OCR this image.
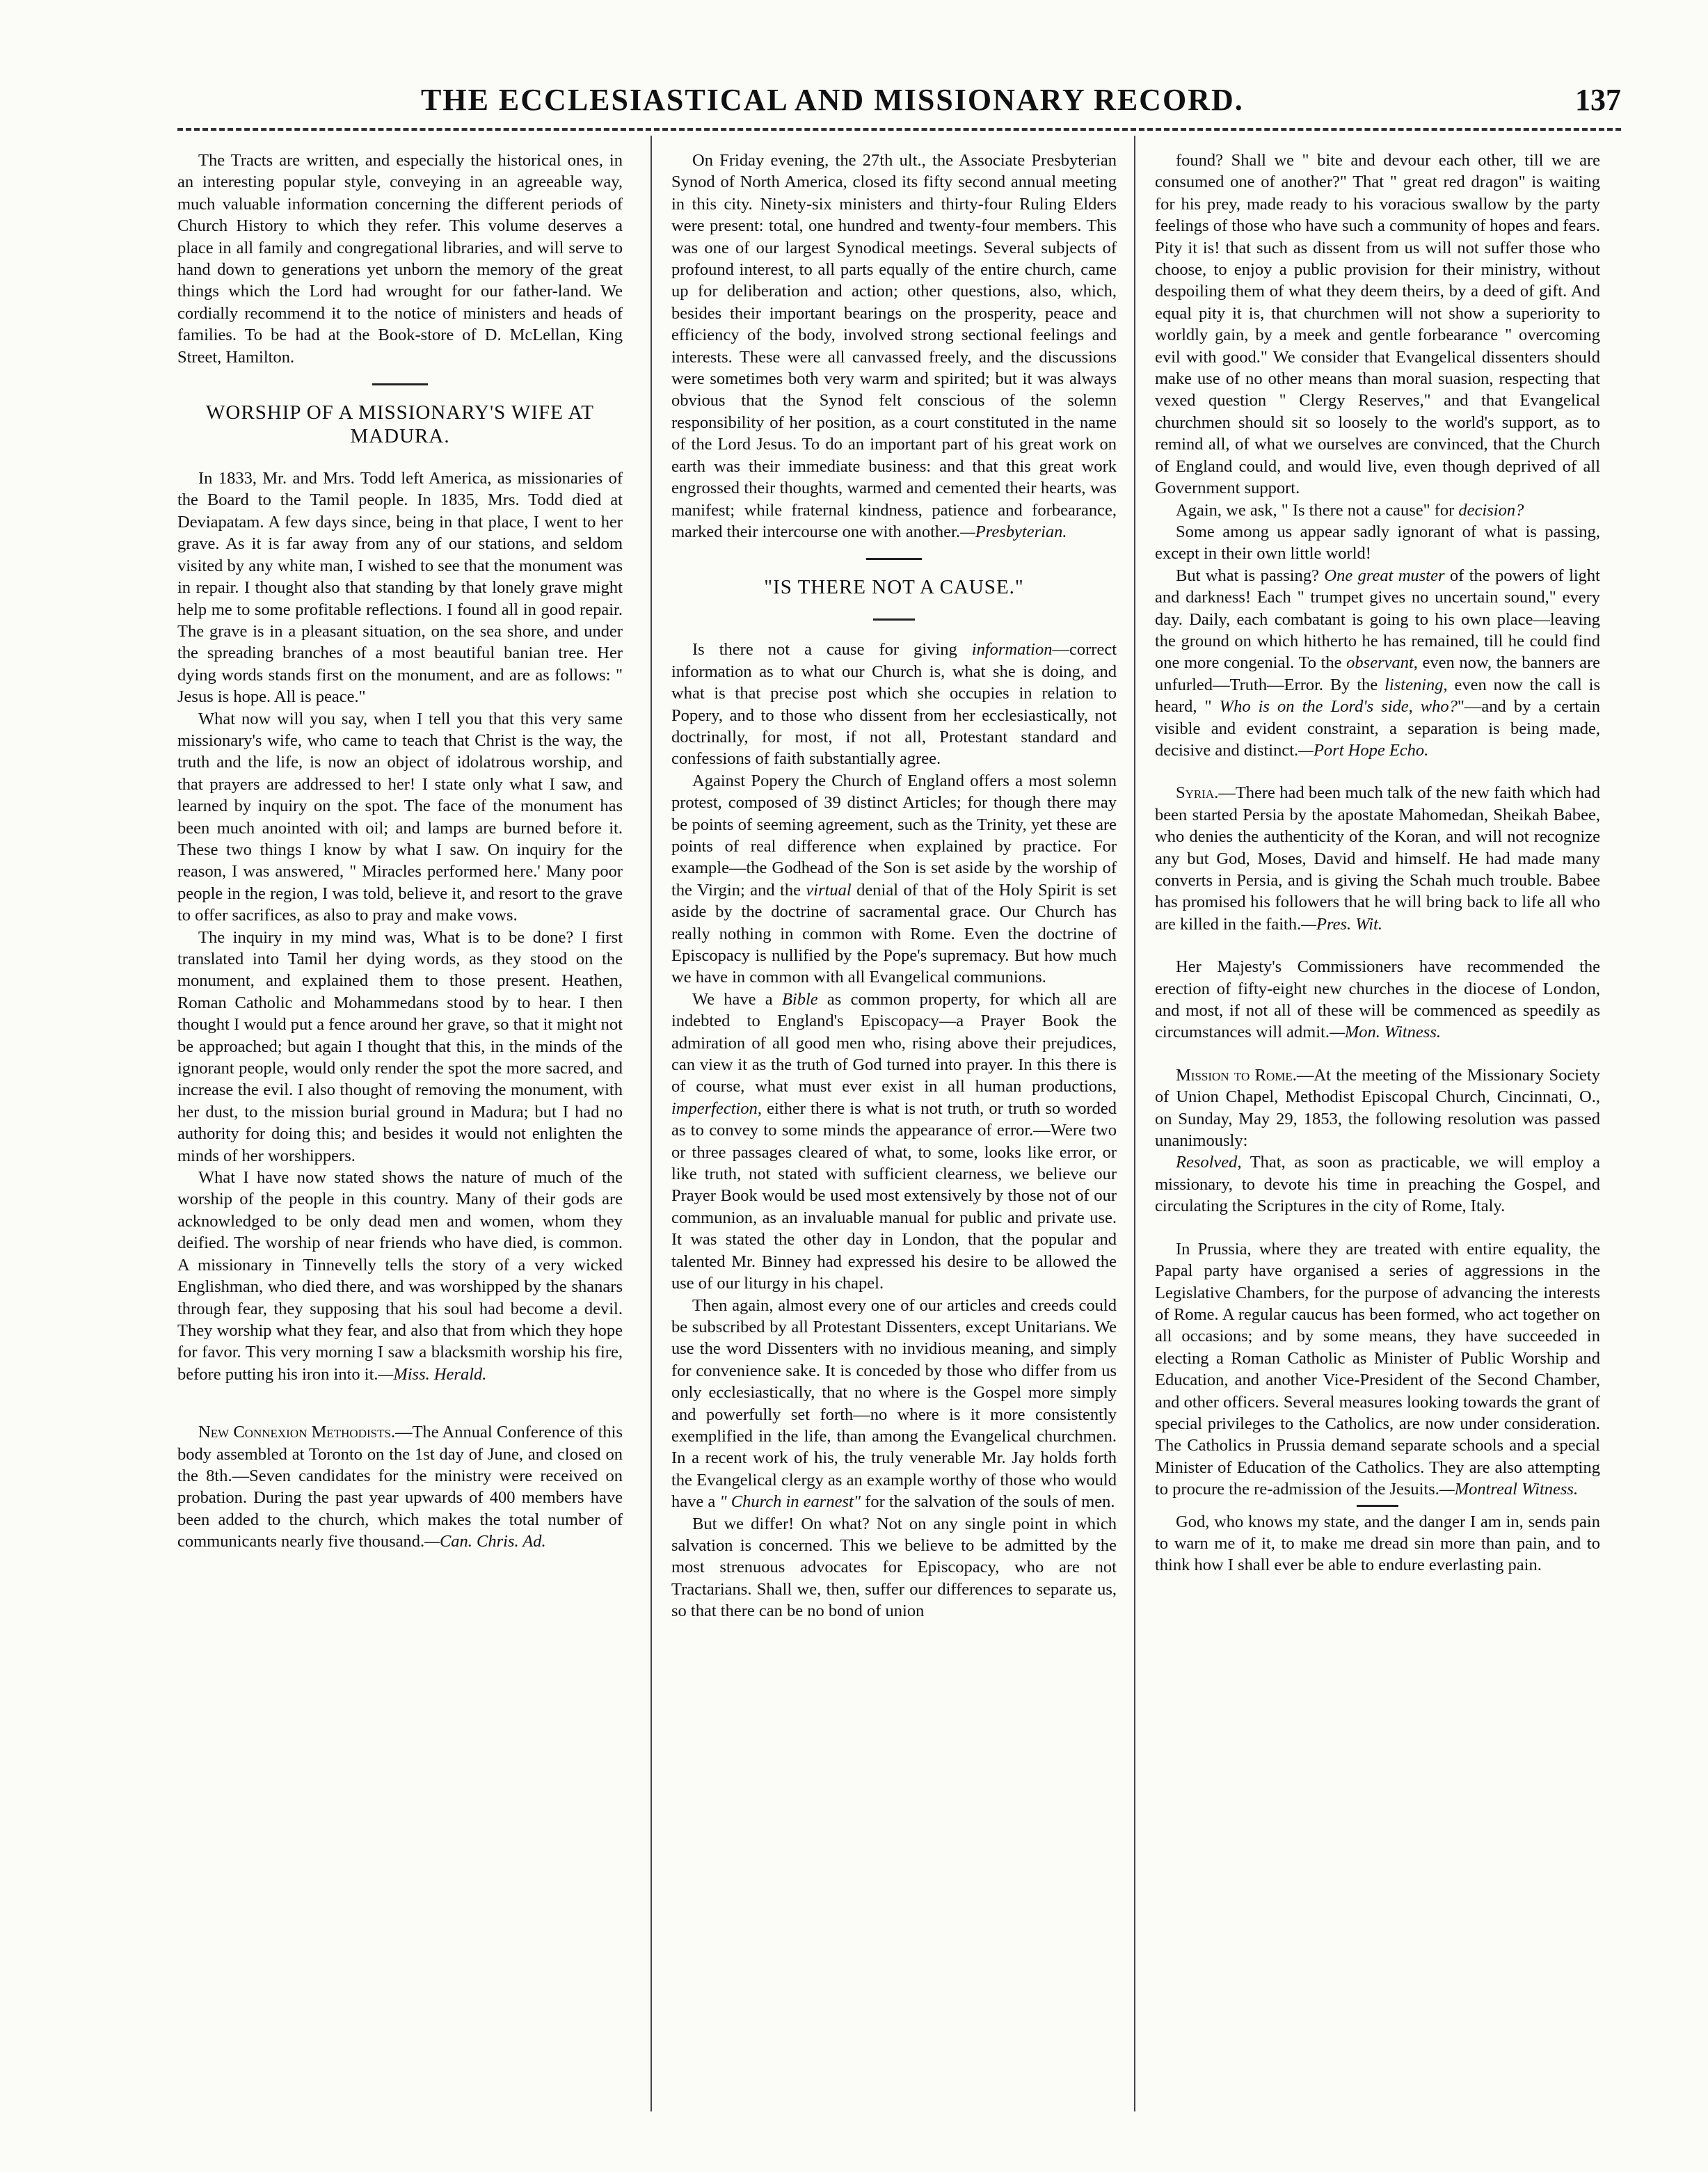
THE ECCLESIASTICAL AND MISSIONARY RECORD.	137

The Tracts are written, and especially the historical ones, in an interesting popular style, conveying in an agreeable way, much valuable information concerning the different periods of Church History to which they refer. This volume deserves a place in all family and congregational libraries, and will serve to hand down to generations yet unborn the memory of the great things which the Lord had wrought for our father-land. We cordially recommend it to the notice of ministers and heads of families. To be had at the Book-store of D. McLellan, King Street, Hamilton.

WORSHIP OF A MISSIONARY'S WIFE AT MADURA.

In 1833, Mr. and Mrs. Todd left America, as missionaries of the Board to the Tamil people. In 1835, Mrs. Todd died at Deviapatam. A few days since, being in that place, I went to her grave. As it is far away from any of our stations, and seldom visited by any white man, I wished to see that the monument was in repair. I thought also that standing by that lonely grave might help me to some profitable reflections. I found all in good repair. The grave is in a pleasant situation, on the sea shore, and under the spreading branches of a most beautiful banian tree. Her dying words stands first on the monument, and are as follows: " Jesus is hope. All is peace."

What now will you say, when I tell you that this very same missionary's wife, who came to teach that Christ is the way, the truth and the life, is now an object of idolatrous worship, and that prayers are addressed to her! I state only what I saw, and learned by inquiry on the spot. The face of the monument has been much anointed with oil; and lamps are burned before it. These two things I know by what I saw. On inquiry for the reason, I was answered, " Miracles performed here.' Many poor people in the region, I was told, believe it, and resort to the grave to offer sacrifices, as also to pray and make vows.

The inquiry in my mind was, What is to be done? I first translated into Tamil her dying words, as they stood on the monument, and explained them to those present. Heathen, Roman Catholic and Mohammedans stood by to hear. I then thought I would put a fence around her grave, so that it might not be approached; but again I thought that this, in the minds of the ignorant people, would only render the spot the more sacred, and increase the evil. I also thought of removing the monument, with her dust, to the mission burial ground in Madura; but I had no authority for doing this; and besides it would not enlighten the minds of her worshippers.

What I have now stated shows the nature of much of the worship of the people in this country. Many of their gods are acknowledged to be only dead men and women, whom they deified. The worship of near friends who have died, is common. A missionary in Tinnevelly tells the story of a very wicked Englishman, who died there, and was worshipped by the shanars through fear, they supposing that his soul had become a devil. They worship what they fear, and also that from which they hope for favor. This very morning I saw a blacksmith worship his fire, before putting his iron into it.—Miss. Herald.

New Connexion Methodists.—The Annual Conference of this body assembled at Toronto on the 1st day of June, and closed on the 8th.—Seven candidates for the ministry were received on probation. During the past year upwards of 400 members have been added to the church, which makes the total number of communicants nearly five thousand.—Can. Chris. Ad.

On Friday evening, the 27th ult., the Associate Presbyterian Synod of North America, closed its fifty second annual meeting in this city. Ninety-six ministers and thirty-four Ruling Elders were present: total, one hundred and twenty-four members. This was one of our largest Synodical meetings. Several subjects of profound interest, to all parts equally of the entire church, came up for deliberation and action; other questions, also, which, besides their important bearings on the prosperity, peace and efficiency of the body, involved strong sectional feelings and interests. These were all canvassed freely, and the discussions were sometimes both very warm and spirited; but it was always obvious that the Synod felt conscious of the solemn responsibility of her position, as a court constituted in the name of the Lord Jesus. To do an important part of his great work on earth was their immediate business: and that this great work engrossed their thoughts, warmed and cemented their hearts, was manifest; while fraternal kindness, patience and forbearance, marked their intercourse one with another.—Presbyterian.

"IS THERE NOT A CAUSE."

Is there not a cause for giving information—correct information as to what our Church is, what she is doing, and what is that precise post which she occupies in relation to Popery, and to those who dissent from her ecclesiastically, not doctrinally, for most, if not all, Protestant standard and confessions of faith substantially agree.

Against Popery the Church of England offers a most solemn protest, composed of 39 distinct Articles; for though there may be points of seeming agreement, such as the Trinity, yet these are points of real difference when explained by practice. For example—the Godhead of the Son is set aside by the worship of the Virgin; and the virtual denial of that of the Holy Spirit is set aside by the doctrine of sacramental grace. Our Church has really nothing in common with Rome. Even the doctrine of Episcopacy is nullified by the Pope's supremacy. But how much we have in common with all Evangelical communions.

We have a Bible as common property, for which all are indebted to England's Episcopacy—a Prayer Book the admiration of all good men who, rising above their prejudices, can view it as the truth of God turned into prayer. In this there is of course, what must ever exist in all human productions, imperfection, either there is what is not truth, or truth so worded as to convey to some minds the appearance of error.—Were two or three passages cleared of what, to some, looks like error, or like truth, not stated with sufficient clearness, we believe our Prayer Book would be used most extensively by those not of our communion, as an invaluable manual for public and private use. It was stated the other day in London, that the popular and talented Mr. Binney had expressed his desire to be allowed the use of our liturgy in his chapel.

Then again, almost every one of our articles and creeds could be subscribed by all Protestant Dissenters, except Unitarians. We use the word Dissenters with no invidious meaning, and simply for convenience sake. It is conceded by those who differ from us only ecclesiastically, that no where is the Gospel more simply and powerfully set forth—no where is it more consistently exemplified in the life, than among the Evangelical churchmen. In a recent work of his, the truly venerable Mr. Jay holds forth the Evangelical clergy as an example worthy of those who would have a " Church in earnest" for the salvation of the souls of men.

But we differ! On what? Not on any single point in which salvation is concerned. This we believe to be admitted by the most strenuous advocates for Episcopacy, who are not Tractarians. Shall we, then, suffer our differences to separate us, so that there can be no bond of union

found? Shall we " bite and devour each other, till we are consumed one of another?" That " great red dragon" is waiting for his prey, made ready to his voracious swallow by the party feelings of those who have such a community of hopes and fears. Pity it is! that such as dissent from us will not suffer those who choose, to enjoy a public provision for their ministry, without despoiling them of what they deem theirs, by a deed of gift. And equal pity it is, that churchmen will not show a superiority to worldly gain, by a meek and gentle forbearance " overcoming evil with good." We consider that Evangelical dissenters should make use of no other means than moral suasion, respecting that vexed question " Clergy Reserves," and that Evangelical churchmen should sit so loosely to the world's support, as to remind all, of what we ourselves are convinced, that the Church of England could, and would live, even though deprived of all Government support.

Again, we ask, " Is there not a cause" for decision?

Some among us appear sadly ignorant of what is passing, except in their own little world!

But what is passing? One great muster of the powers of light and darkness! Each " trumpet gives no uncertain sound," every day. Daily, each combatant is going to his own place—leaving the ground on which hitherto he has remained, till he could find one more congenial. To the observant, even now, the banners are unfurled—Truth—Error. By the listening, even now the call is heard, " Who is on the Lord's side, who?"—and by a certain visible and evident constraint, a separation is being made, decisive and distinct.—Port Hope Echo.

Syria.—There had been much talk of the new faith which had been started Persia by the apostate Mahomedan, Sheikah Babee, who denies the authenticity of the Koran, and will not recognize any but God, Moses, David and himself. He had made many converts in Persia, and is giving the Schah much trouble. Babee has promised his followers that he will bring back to life all who are killed in the faith.—Pres. Wit.

Her Majesty's Commissioners have recommended the erection of fifty-eight new churches in the diocese of London, and most, if not all of these will be commenced as speedily as circumstances will admit.—Mon. Witness.

Mission to Rome.—At the meeting of the Missionary Society of Union Chapel, Methodist Episcopal Church, Cincinnati, O., on Sunday, May 29, 1853, the following resolution was passed unanimously:

Resolved, That, as soon as practicable, we will employ a missionary, to devote his time in preaching the Gospel, and circulating the Scriptures in the city of Rome, Italy.

In Prussia, where they are treated with entire equality, the Papal party have organised a series of aggressions in the Legislative Chambers, for the purpose of advancing the interests of Rome. A regular caucus has been formed, who act together on all occasions; and by some means, they have succeeded in electing a Roman Catholic as Minister of Public Worship and Education, and another Vice-President of the Second Chamber, and other officers. Several measures looking towards the grant of special privileges to the Catholics, are now under consideration. The Catholics in Prussia demand separate schools and a special Minister of Education of the Catholics. They are also attempting to procure the re-admission of the Jesuits.—Montreal Witness.

God, who knows my state, and the danger I am in, sends pain to warn me of it, to make me dread sin more than pain, and to think how I shall ever be able to endure everlasting pain.
